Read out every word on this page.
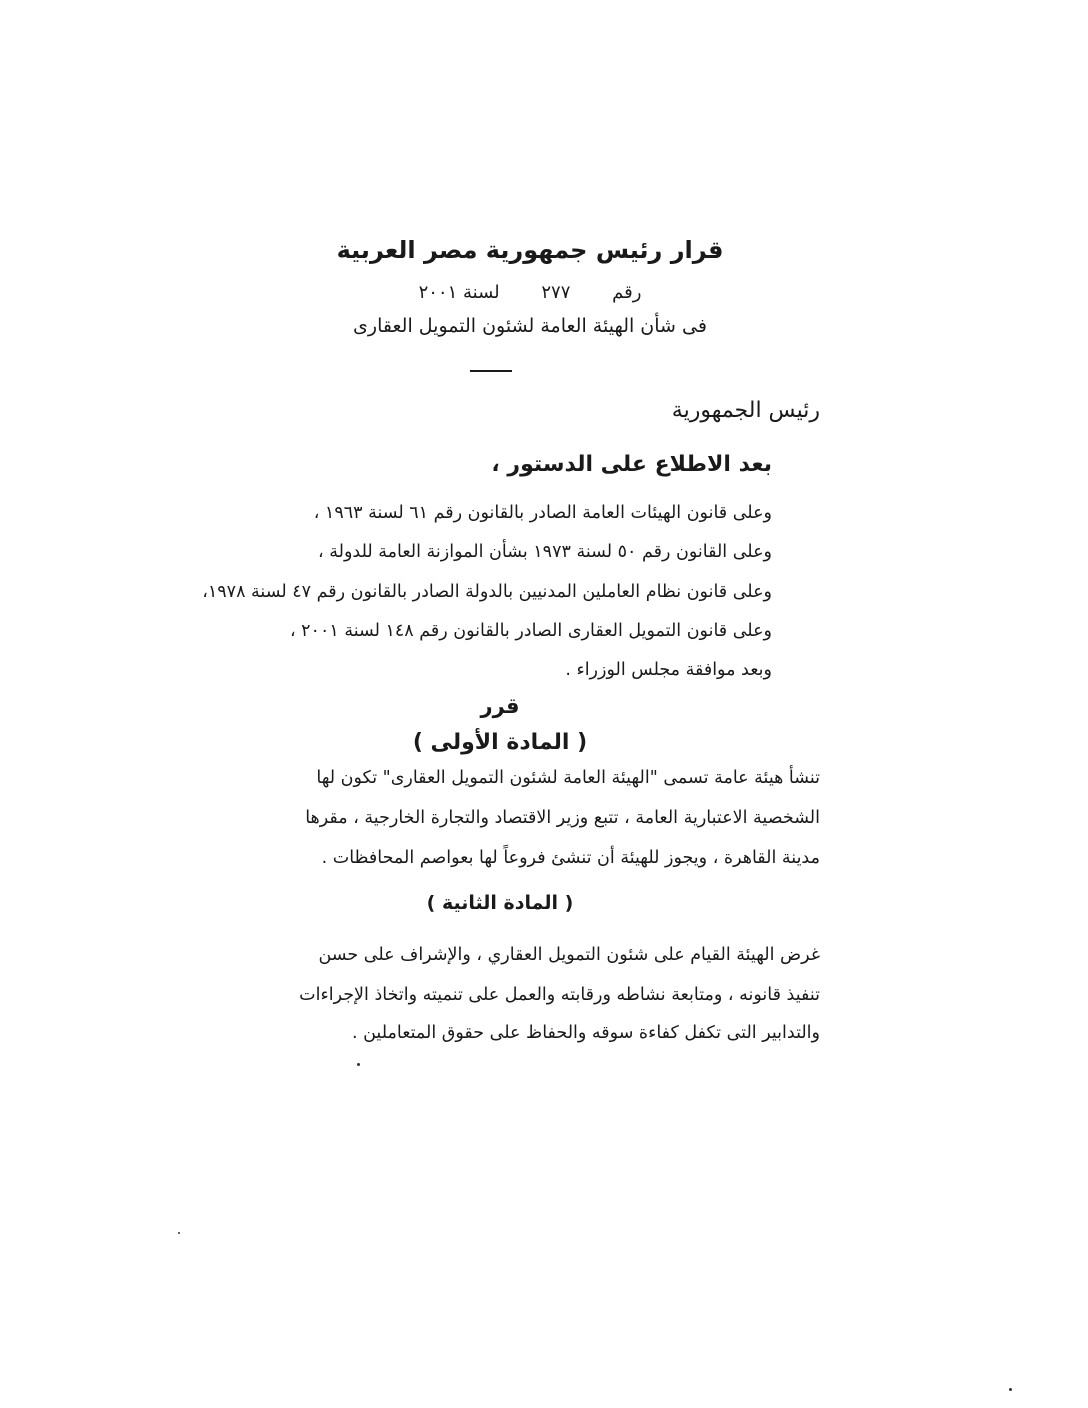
قرار رئيس جمهورية مصر العربية
رقم ٢٧٧ لسنة ٢٠٠١
فى شأن الهيئة العامة لشئون التمويل العقارى
رئيس الجمهورية
بعد الاطلاع على الدستور ،
وعلى قانون الهيئات العامة الصادر بالقانون رقم ٦١ لسنة ١٩٦٣ ،
وعلى القانون رقم ٥٠ لسنة ١٩٧٣ بشأن الموازنة العامة للدولة ،
وعلى قانون نظام العاملين المدنيين بالدولة الصادر بالقانون رقم ٤٧ لسنة ١٩٧٨،
وعلى قانون التمويل العقارى الصادر بالقانون رقم ١٤٨ لسنة ٢٠٠١ ،
وبعد موافقة مجلس الوزراء .
قرر
( المادة الأولى )
تنشأ هيئة عامة تسمى "الهيئة العامة لشئون التمويل العقارى" تكون لها
الشخصية الاعتبارية العامة ، تتبع وزير الاقتصاد والتجارة الخارجية ، مقرها
مدينة القاهرة ، ويجوز للهيئة أن تنشئ فروعاً لها بعواصم المحافظات .
( المادة الثانية )
غرض الهيئة القيام على شئون التمويل العقاري ، والإشراف على حسن
تنفيذ قانونه ، ومتابعة نشاطه ورقابته والعمل على تنميته واتخاذ الإجراءات
والتدابير التى تكفل كفاءة سوقه والحفاظ على حقوق المتعاملين .
